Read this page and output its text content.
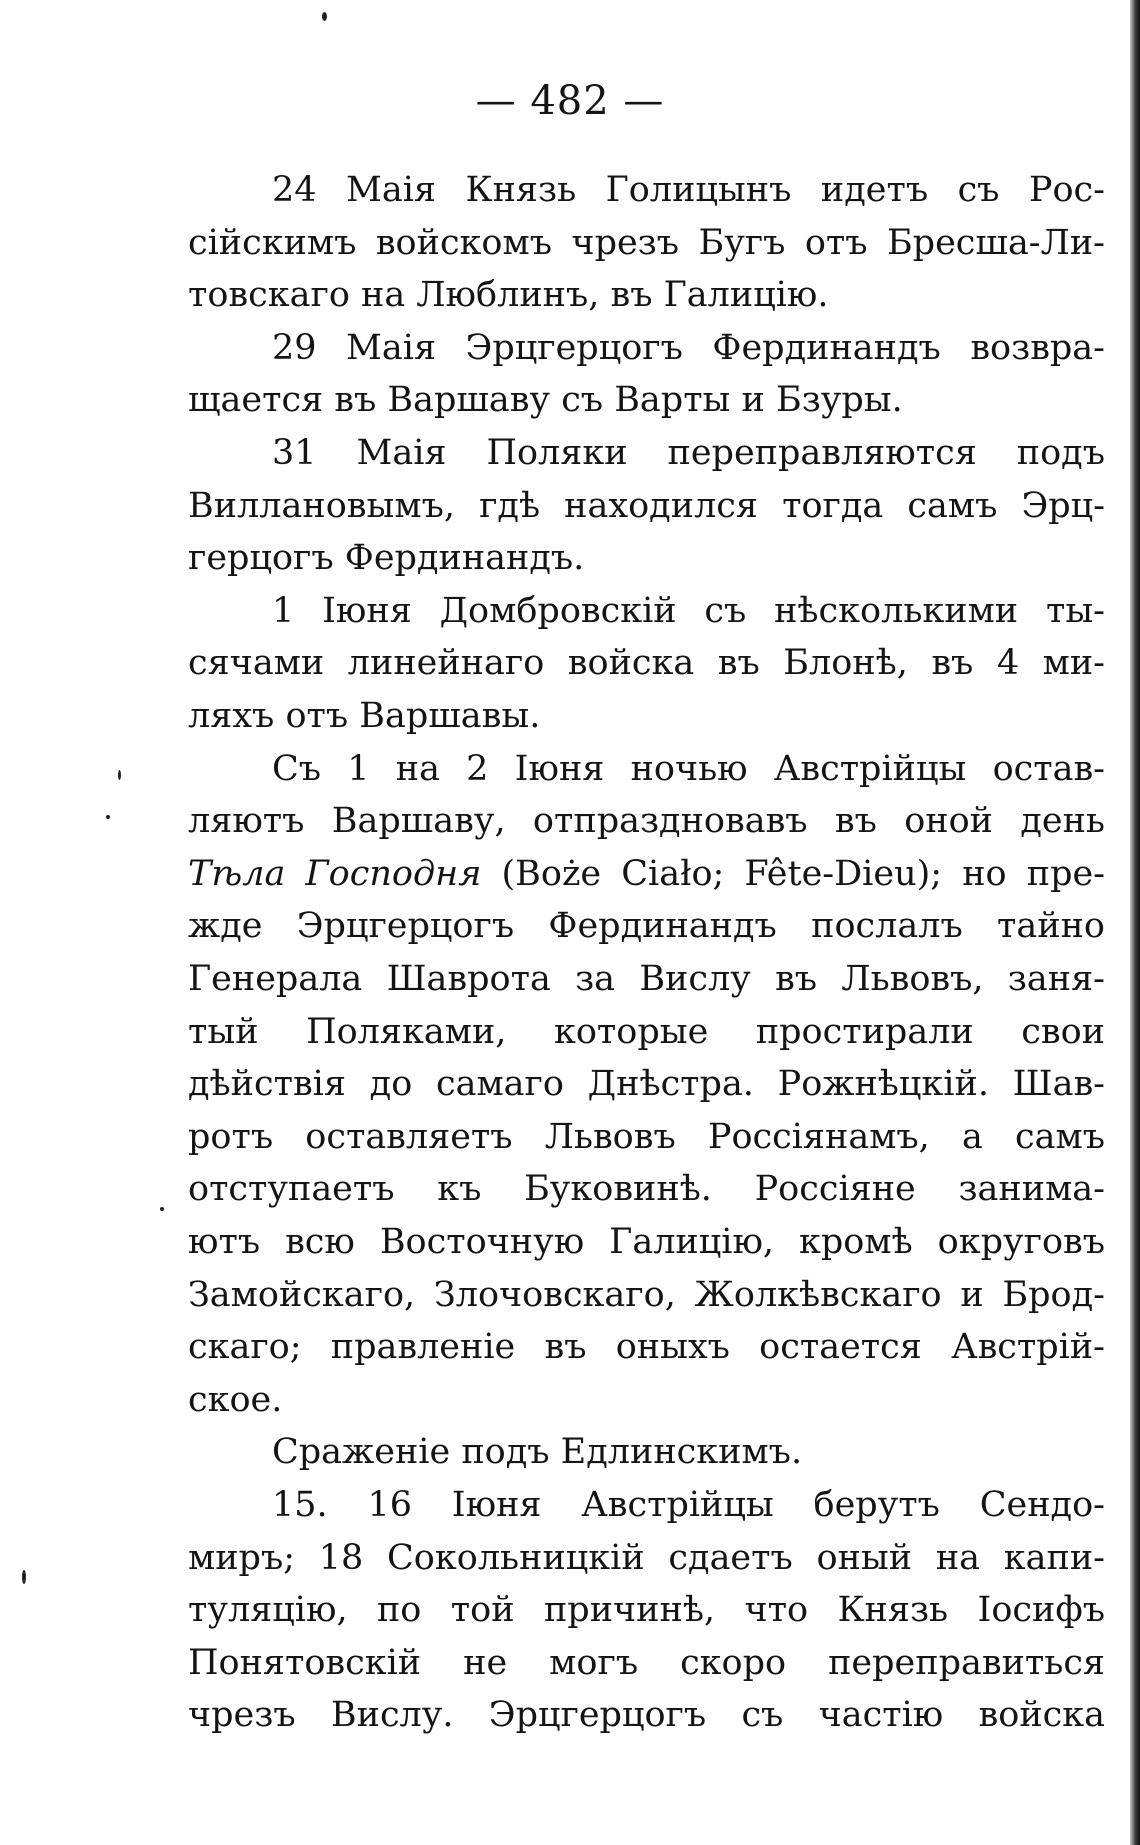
— 482 —
24 Маія Князь Голицынъ идетъ съ Рос-
сійскимъ войскомъ чрезъ Бугъ отъ Бресша-Ли-
товскаго на Люблинъ, въ Галицію.
29 Маія Эрцгерцогъ Фердинандъ возвра-
щается въ Варшаву съ Варты и Бзуры.
31 Маія Поляки переправляются подъ
Виллановымъ, гдѣ находился тогда самъ Эрц-
герцогъ Фердинандъ.
1 Іюня Домбровскій съ нѣсколькими ты-
сячами линейнаго войска въ Блонѣ, въ 4 ми-
ляхъ отъ Варшавы.
Съ 1 на 2 Іюня ночью Австрійцы остав-
ляютъ Варшаву, отпраздновавъ въ оной день
Тѣла Господня (Boże Ciało; Fête-Dieu); но пре-
жде Эрцгерцогъ Фердинандъ послалъ тайно
Генерала Шаврота за Вислу въ Львовъ, заня-
тый Поляками, которые простирали свои
дѣйствія до самаго Днѣстра. Рожнѣцкій. Шав-
ротъ оставляетъ Львовъ Россіянамъ, а самъ
отступаетъ къ Буковинѣ. Россіяне занима-
ютъ всю Восточную Галицію, кромѣ округовъ
Замойскаго, Злочовскаго, Жолкѣвскаго и Брод-
скаго; правленіе въ оныхъ остается Австрій-
ское.
Сраженіе подъ Едлинскимъ.
15. 16 Іюня Австрійцы берутъ Сендо-
миръ; 18 Сокольницкій сдаетъ оный на капи-
туляцію, по той причинѣ, что Князь Іосифъ
Понятовскій не могъ скоро переправиться
чрезъ Вислу. Эрцгерцогъ съ частію войска
